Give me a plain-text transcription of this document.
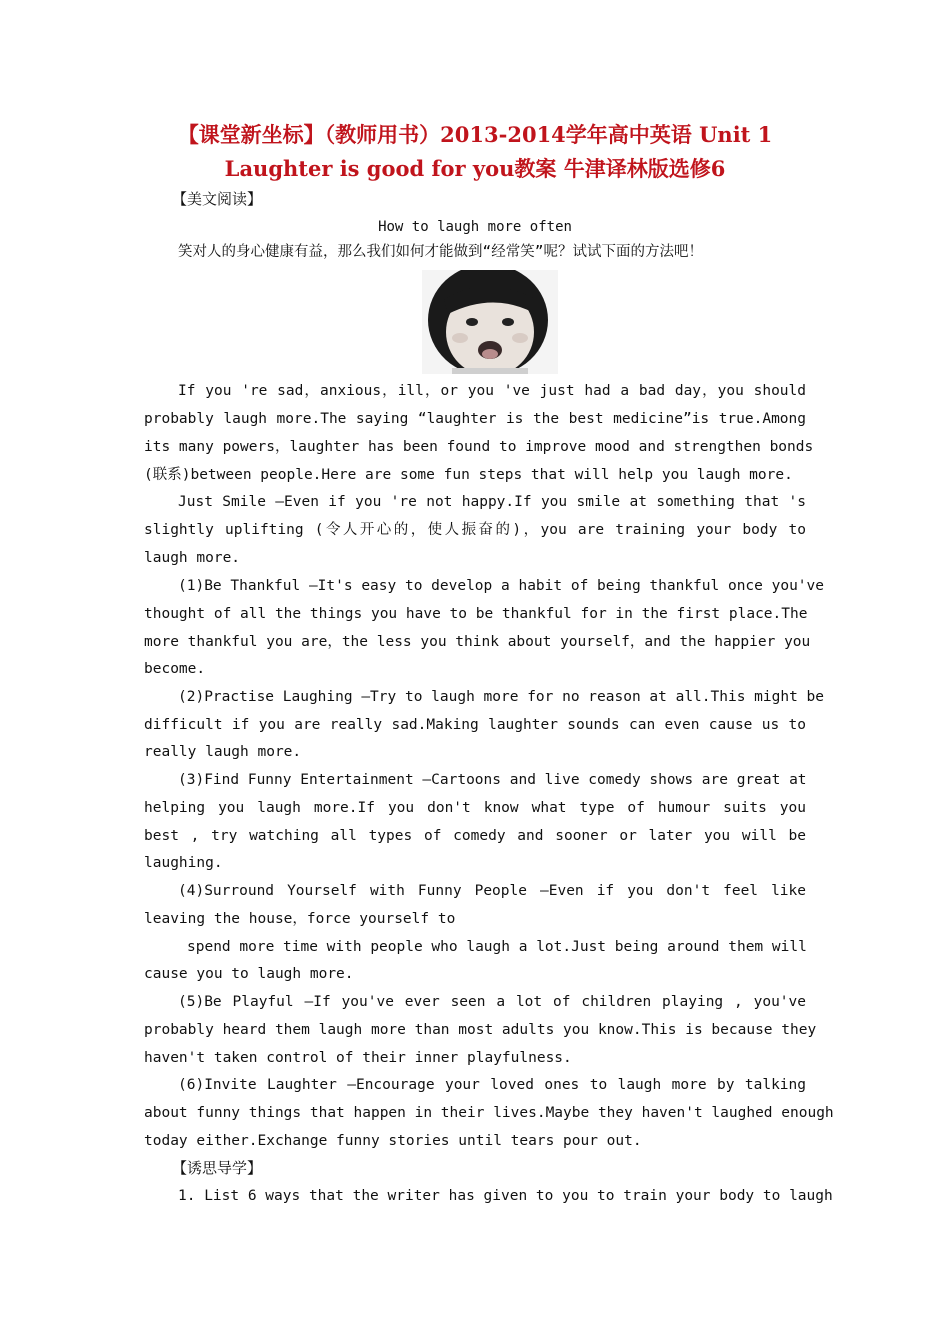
【课堂新坐标】（教师用书）2013-2014学年高中英语 Unit 1
Laughter is good for you教案 牛津译林版选修6
【美文阅读】
How to laugh more often
笑对人的身心健康有益，那么我们如何才能做到“经常笑”呢？试试下面的方法吧！
If you 're sad，anxious，ill，or you 've just had a bad day，you should
probably laugh more.The saying “laughter is the best medicine”is true.Among
its many powers，laughter has been found to improve mood and strengthen bonds
(联系)between people.Here are some fun steps that will help you laugh more.
Just Smile —Even if you 're not happy.If you smile at something that 's
slightly uplifting (令人开心的，使人振奋的)，you are training your body to
laugh more.
(1)Be Thankful —It's easy to develop a habit of being thankful once you've
thought of all the things you have to be thankful for in the first place.The
more thankful you are，the less you think about yourself，and the happier you
become.
(2)Practise Laughing —Try to laugh more for no reason at all.This might be
difficult if you are really sad.Making laughter sounds can even cause us to
really laugh more.
(3)Find Funny Entertainment —Cartoons and live comedy shows are great at
helping you laugh more.If you don't know what type of humour suits you
best , try watching all types of comedy and sooner or later you will be
laughing.
(4)Surround Yourself with Funny People —Even if you don't feel like
leaving the house，force yourself to
spend more time with people who laugh a lot.Just being around them will
cause you to laugh more.
(5)Be Playful —If you've ever seen a lot of children playing , you've
probably heard them laugh more than most adults you know.This is because they
haven't taken control of their inner playfulness.
(6)Invite Laughter —Encourage your loved ones to laugh more by talking
about funny things that happen in their lives.Maybe they haven't laughed enough
today either.Exchange funny stories until tears pour out.
【诱思导学】
1. List 6 ways that the writer has given to you to train your body to laugh
